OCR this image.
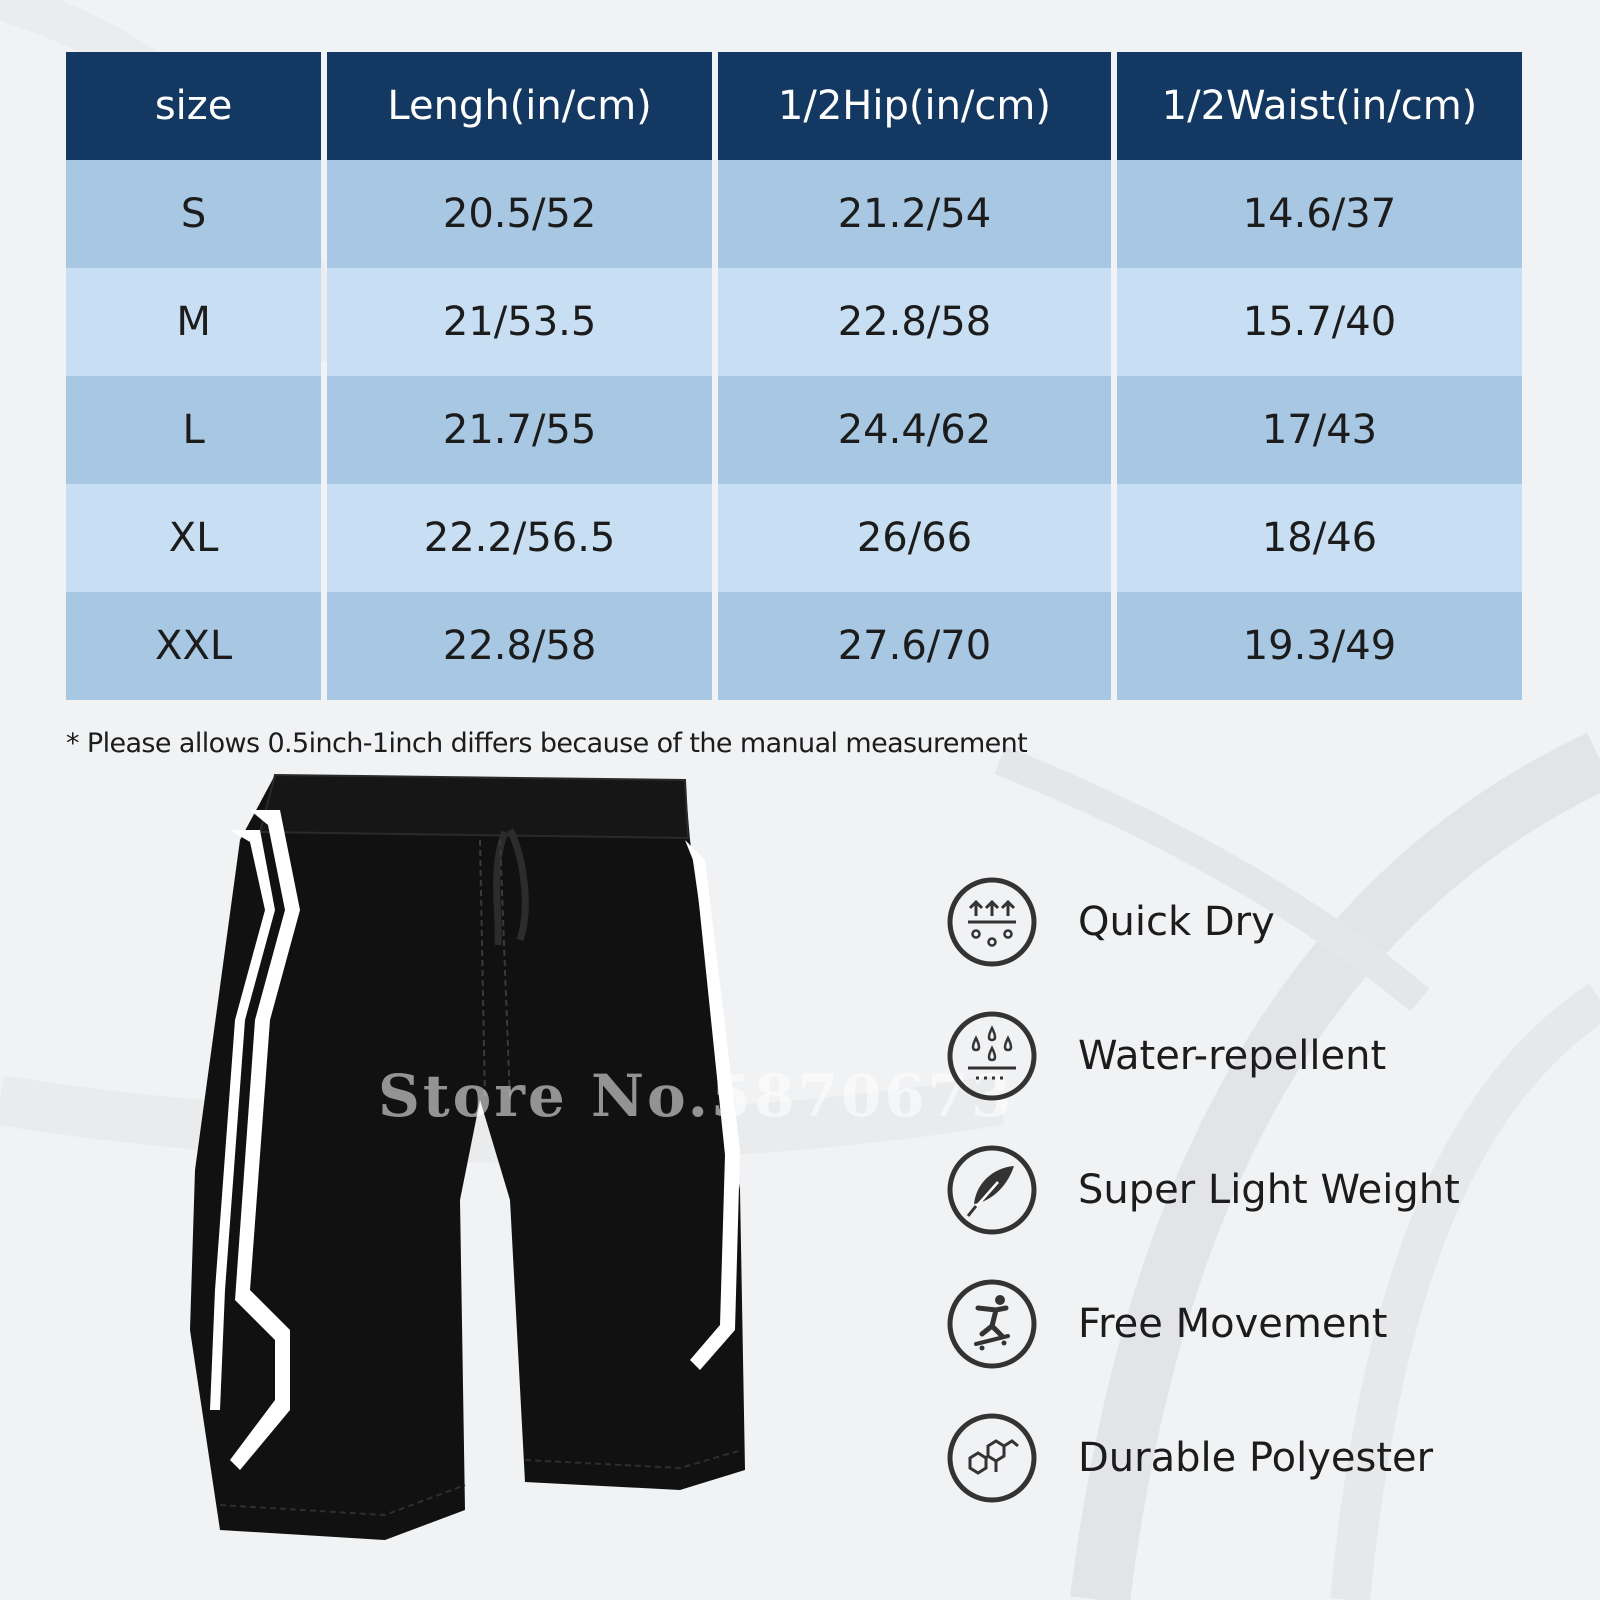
size	Lengh(in/cm)	1/2Hip(in/cm)	1/2Waist(in/cm)
S	20.5/52	21.2/54	14.6/37
M	21/53.5	22.8/58	15.7/40
L	21.7/55	24.4/62	17/43
XL	22.2/56.5	26/66	18/46
XXL	22.8/58	27.6/70	19.3/49
* Please allows 0.5inch-1inch differs because of the manual measurement
Store No.5870673
Quick Dry
Water-repellent
Super Light Weight
Free Movement
Durable Polyester
